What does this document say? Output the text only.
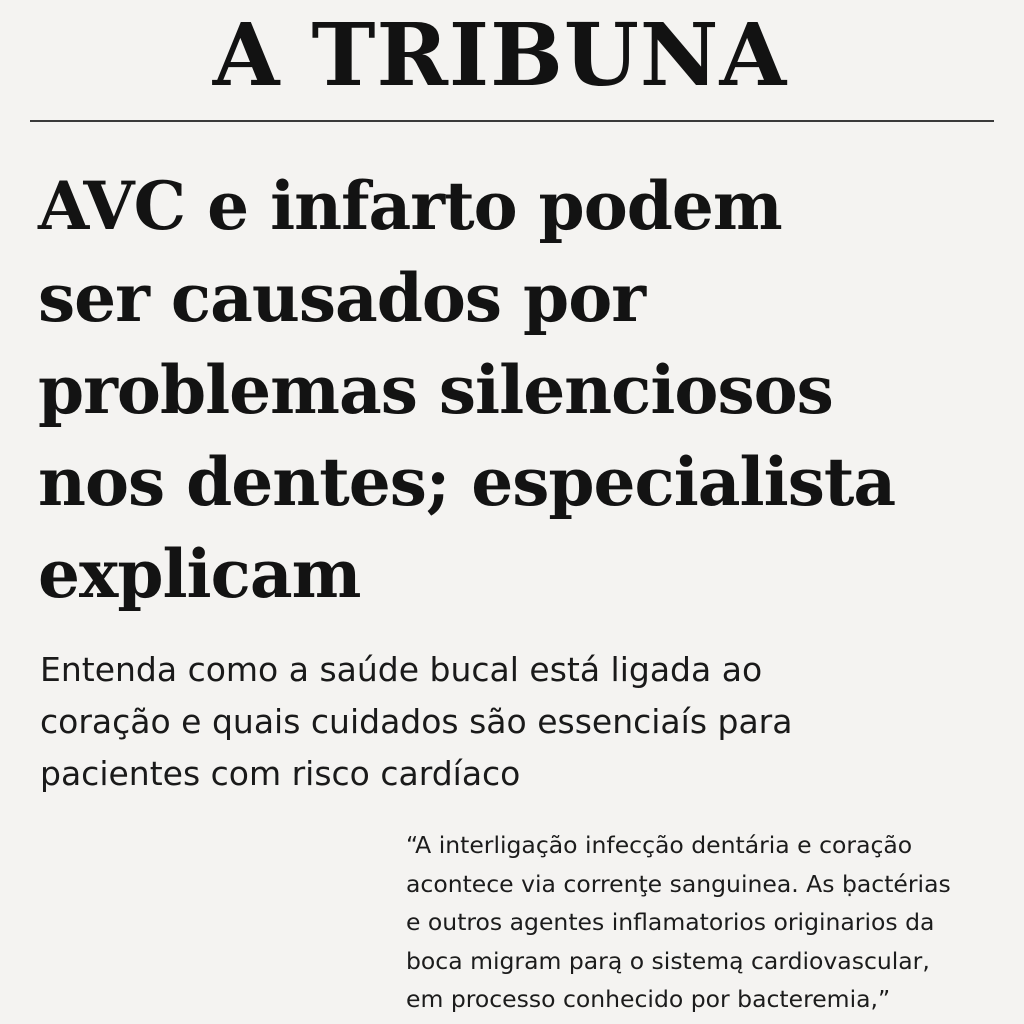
A TRIBUNA
AVC e infarto podem
ser causados por
problemas silenciosos
nos dentes; especialista
explicam

Entenda como a saúde bucal está ligada ao
coração e quais cuidados são essenciaís para
pacientes com risco cardíaco

“A interligação infecção dentária e coração
acontece via correnţe sanguinea. As ḅactérias
e outros agentes inflamatorios originarios da
boca migram parą o sistemą cardiovascular,
em processo conhecido por bacteremia,”
